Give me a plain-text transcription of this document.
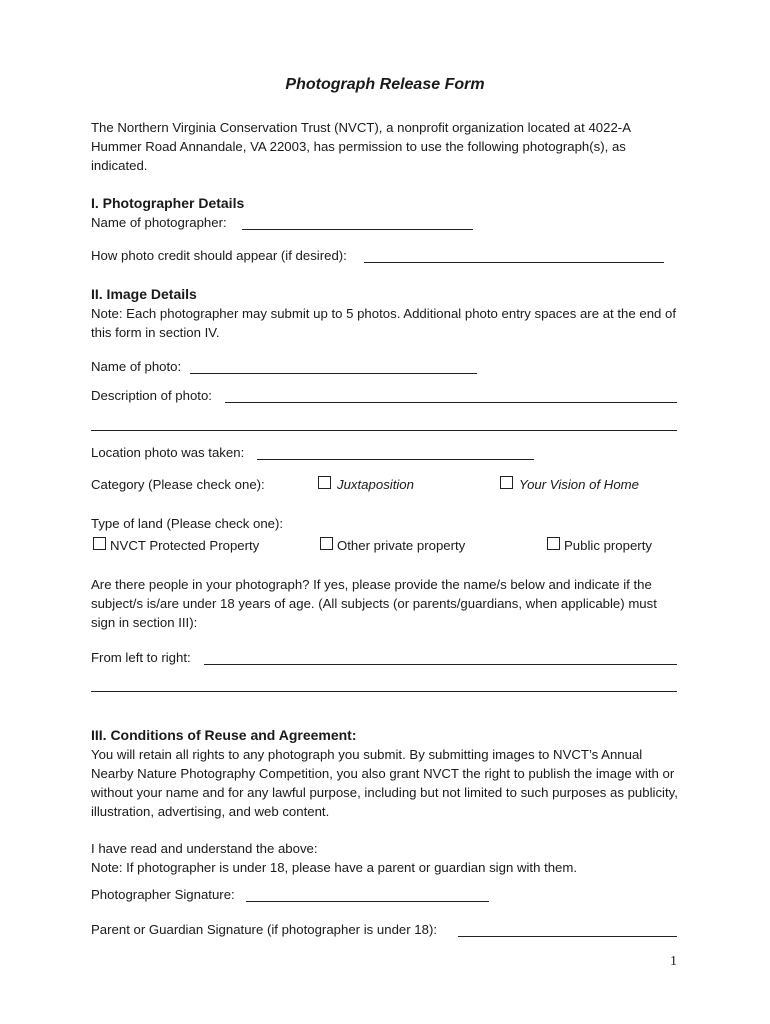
Photograph Release Form
The Northern Virginia Conservation Trust (NVCT), a nonprofit organization located at 4022-A Hummer Road Annandale, VA 22003, has permission to use the following photograph(s), as indicated.
I. Photographer Details
Name of photographer:
How photo credit should appear (if desired):
II. Image Details
Note: Each photographer may submit up to 5 photos. Additional photo entry spaces are at the end of this form in section IV.
Name of photo:
Description of photo:
Location photo was taken:
Category (Please check one):	Juxtaposition	Your Vision of Home
Type of land (Please check one):
NVCT Protected Property	Other private property	Public property
Are there people in your photograph? If yes, please provide the name/s below and indicate if the subject/s is/are under 18 years of age. (All subjects (or parents/guardians, when applicable) must sign in section III):
From left to right:
III. Conditions of Reuse and Agreement:
You will retain all rights to any photograph you submit. By submitting images to NVCT’s Annual Nearby Nature Photography Competition, you also grant NVCT the right to publish the image with or without your name and for any lawful purpose, including but not limited to such purposes as publicity, illustration, advertising, and web content.
I have read and understand the above:
Note: If photographer is under 18, please have a parent or guardian sign with them.
Photographer Signature:
Parent or Guardian Signature (if photographer is under 18):
1
